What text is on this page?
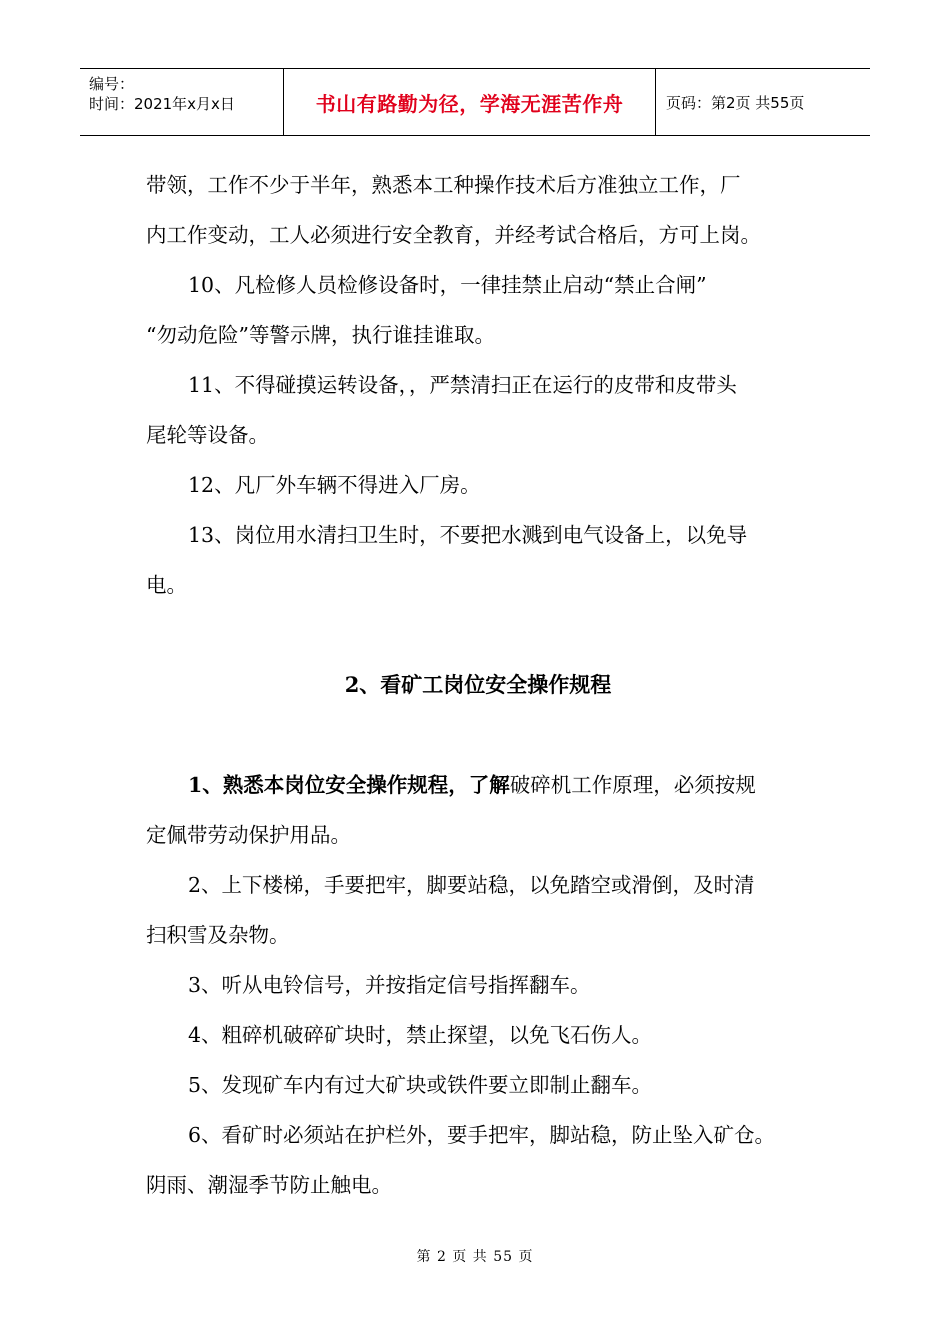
编号：
时间：2021年x月x日	书山有路勤为径，学海无涯苦作舟	页码：第2页 共55页

带领，工作不少于半年，熟悉本工种操作技术后方准独立工作，厂

内工作变动，工人必须进行安全教育，并经考试合格后，方可上岗。

10、凡检修人员检修设备时，一律挂禁止启动“禁止合闸”

“勿动危险”等警示牌，执行谁挂谁取。

11、不得碰摸运转设备，，严禁清扫正在运行的皮带和皮带头

尾轮等设备。

12、凡厂外车辆不得进入厂房。

13、岗位用水清扫卫生时，不要把水溅到电气设备上，以免导

电。

2、看矿工岗位安全操作规程

1、熟悉本岗位安全操作规程，了解破碎机工作原理，必须按规

定佩带劳动保护用品。

2、上下楼梯，手要把牢，脚要站稳，以免踏空或滑倒，及时清

扫积雪及杂物。

3、听从电铃信号，并按指定信号指挥翻车。

4、粗碎机破碎矿块时，禁止探望，以免飞石伤人。

5、发现矿车内有过大矿块或铁件要立即制止翻车。

6、看矿时必须站在护栏外，要手把牢，脚站稳，防止坠入矿仓。

阴雨、潮湿季节防止触电。

第 2 页 共 55 页
